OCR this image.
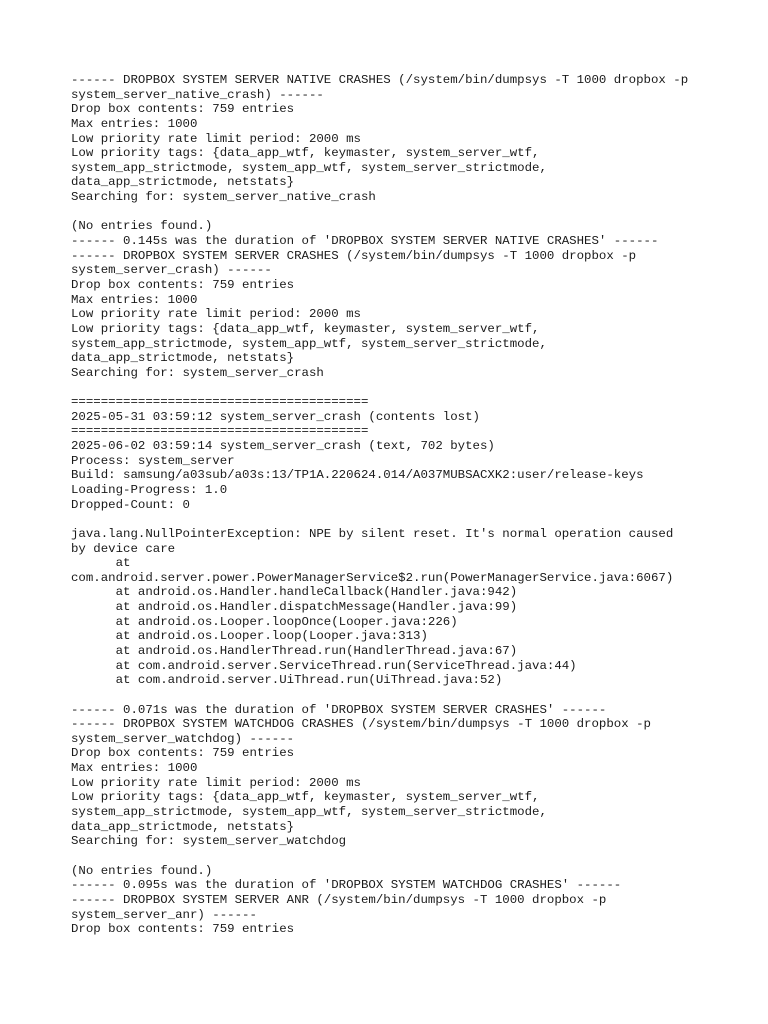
------ DROPBOX SYSTEM SERVER NATIVE CRASHES (/system/bin/dumpsys -T 1000 dropbox -p
system_server_native_crash) ------
Drop box contents: 759 entries
Max entries: 1000
Low priority rate limit period: 2000 ms
Low priority tags: {data_app_wtf, keymaster, system_server_wtf,
system_app_strictmode, system_app_wtf, system_server_strictmode,
data_app_strictmode, netstats}
Searching for: system_server_native_crash
(No entries found.)
------ 0.145s was the duration of 'DROPBOX SYSTEM SERVER NATIVE CRASHES' ------
------ DROPBOX SYSTEM SERVER CRASHES (/system/bin/dumpsys -T 1000 dropbox -p
system_server_crash) ------
Drop box contents: 759 entries
Max entries: 1000
Low priority rate limit period: 2000 ms
Low priority tags: {data_app_wtf, keymaster, system_server_wtf,
system_app_strictmode, system_app_wtf, system_server_strictmode,
data_app_strictmode, netstats}
Searching for: system_server_crash
========================================
2025-05-31 03:59:12 system_server_crash (contents lost)
========================================
2025-06-02 03:59:14 system_server_crash (text, 702 bytes)
Process: system_server
Build: samsung/a03sub/a03s:13/TP1A.220624.014/A037MUBSACXK2:user/release-keys
Loading-Progress: 1.0
Dropped-Count: 0
java.lang.NullPointerException: NPE by silent reset. It's normal operation caused
by device care
at
com.android.server.power.PowerManagerService$2.run(PowerManagerService.java:6067)
at android.os.Handler.handleCallback(Handler.java:942)
at android.os.Handler.dispatchMessage(Handler.java:99)
at android.os.Looper.loopOnce(Looper.java:226)
at android.os.Looper.loop(Looper.java:313)
at android.os.HandlerThread.run(HandlerThread.java:67)
at com.android.server.ServiceThread.run(ServiceThread.java:44)
at com.android.server.UiThread.run(UiThread.java:52)
------ 0.071s was the duration of 'DROPBOX SYSTEM SERVER CRASHES' ------
------ DROPBOX SYSTEM WATCHDOG CRASHES (/system/bin/dumpsys -T 1000 dropbox -p
system_server_watchdog) ------
Drop box contents: 759 entries
Max entries: 1000
Low priority rate limit period: 2000 ms
Low priority tags: {data_app_wtf, keymaster, system_server_wtf,
system_app_strictmode, system_app_wtf, system_server_strictmode,
data_app_strictmode, netstats}
Searching for: system_server_watchdog
(No entries found.)
------ 0.095s was the duration of 'DROPBOX SYSTEM WATCHDOG CRASHES' ------
------ DROPBOX SYSTEM SERVER ANR (/system/bin/dumpsys -T 1000 dropbox -p
system_server_anr) ------
Drop box contents: 759 entries
